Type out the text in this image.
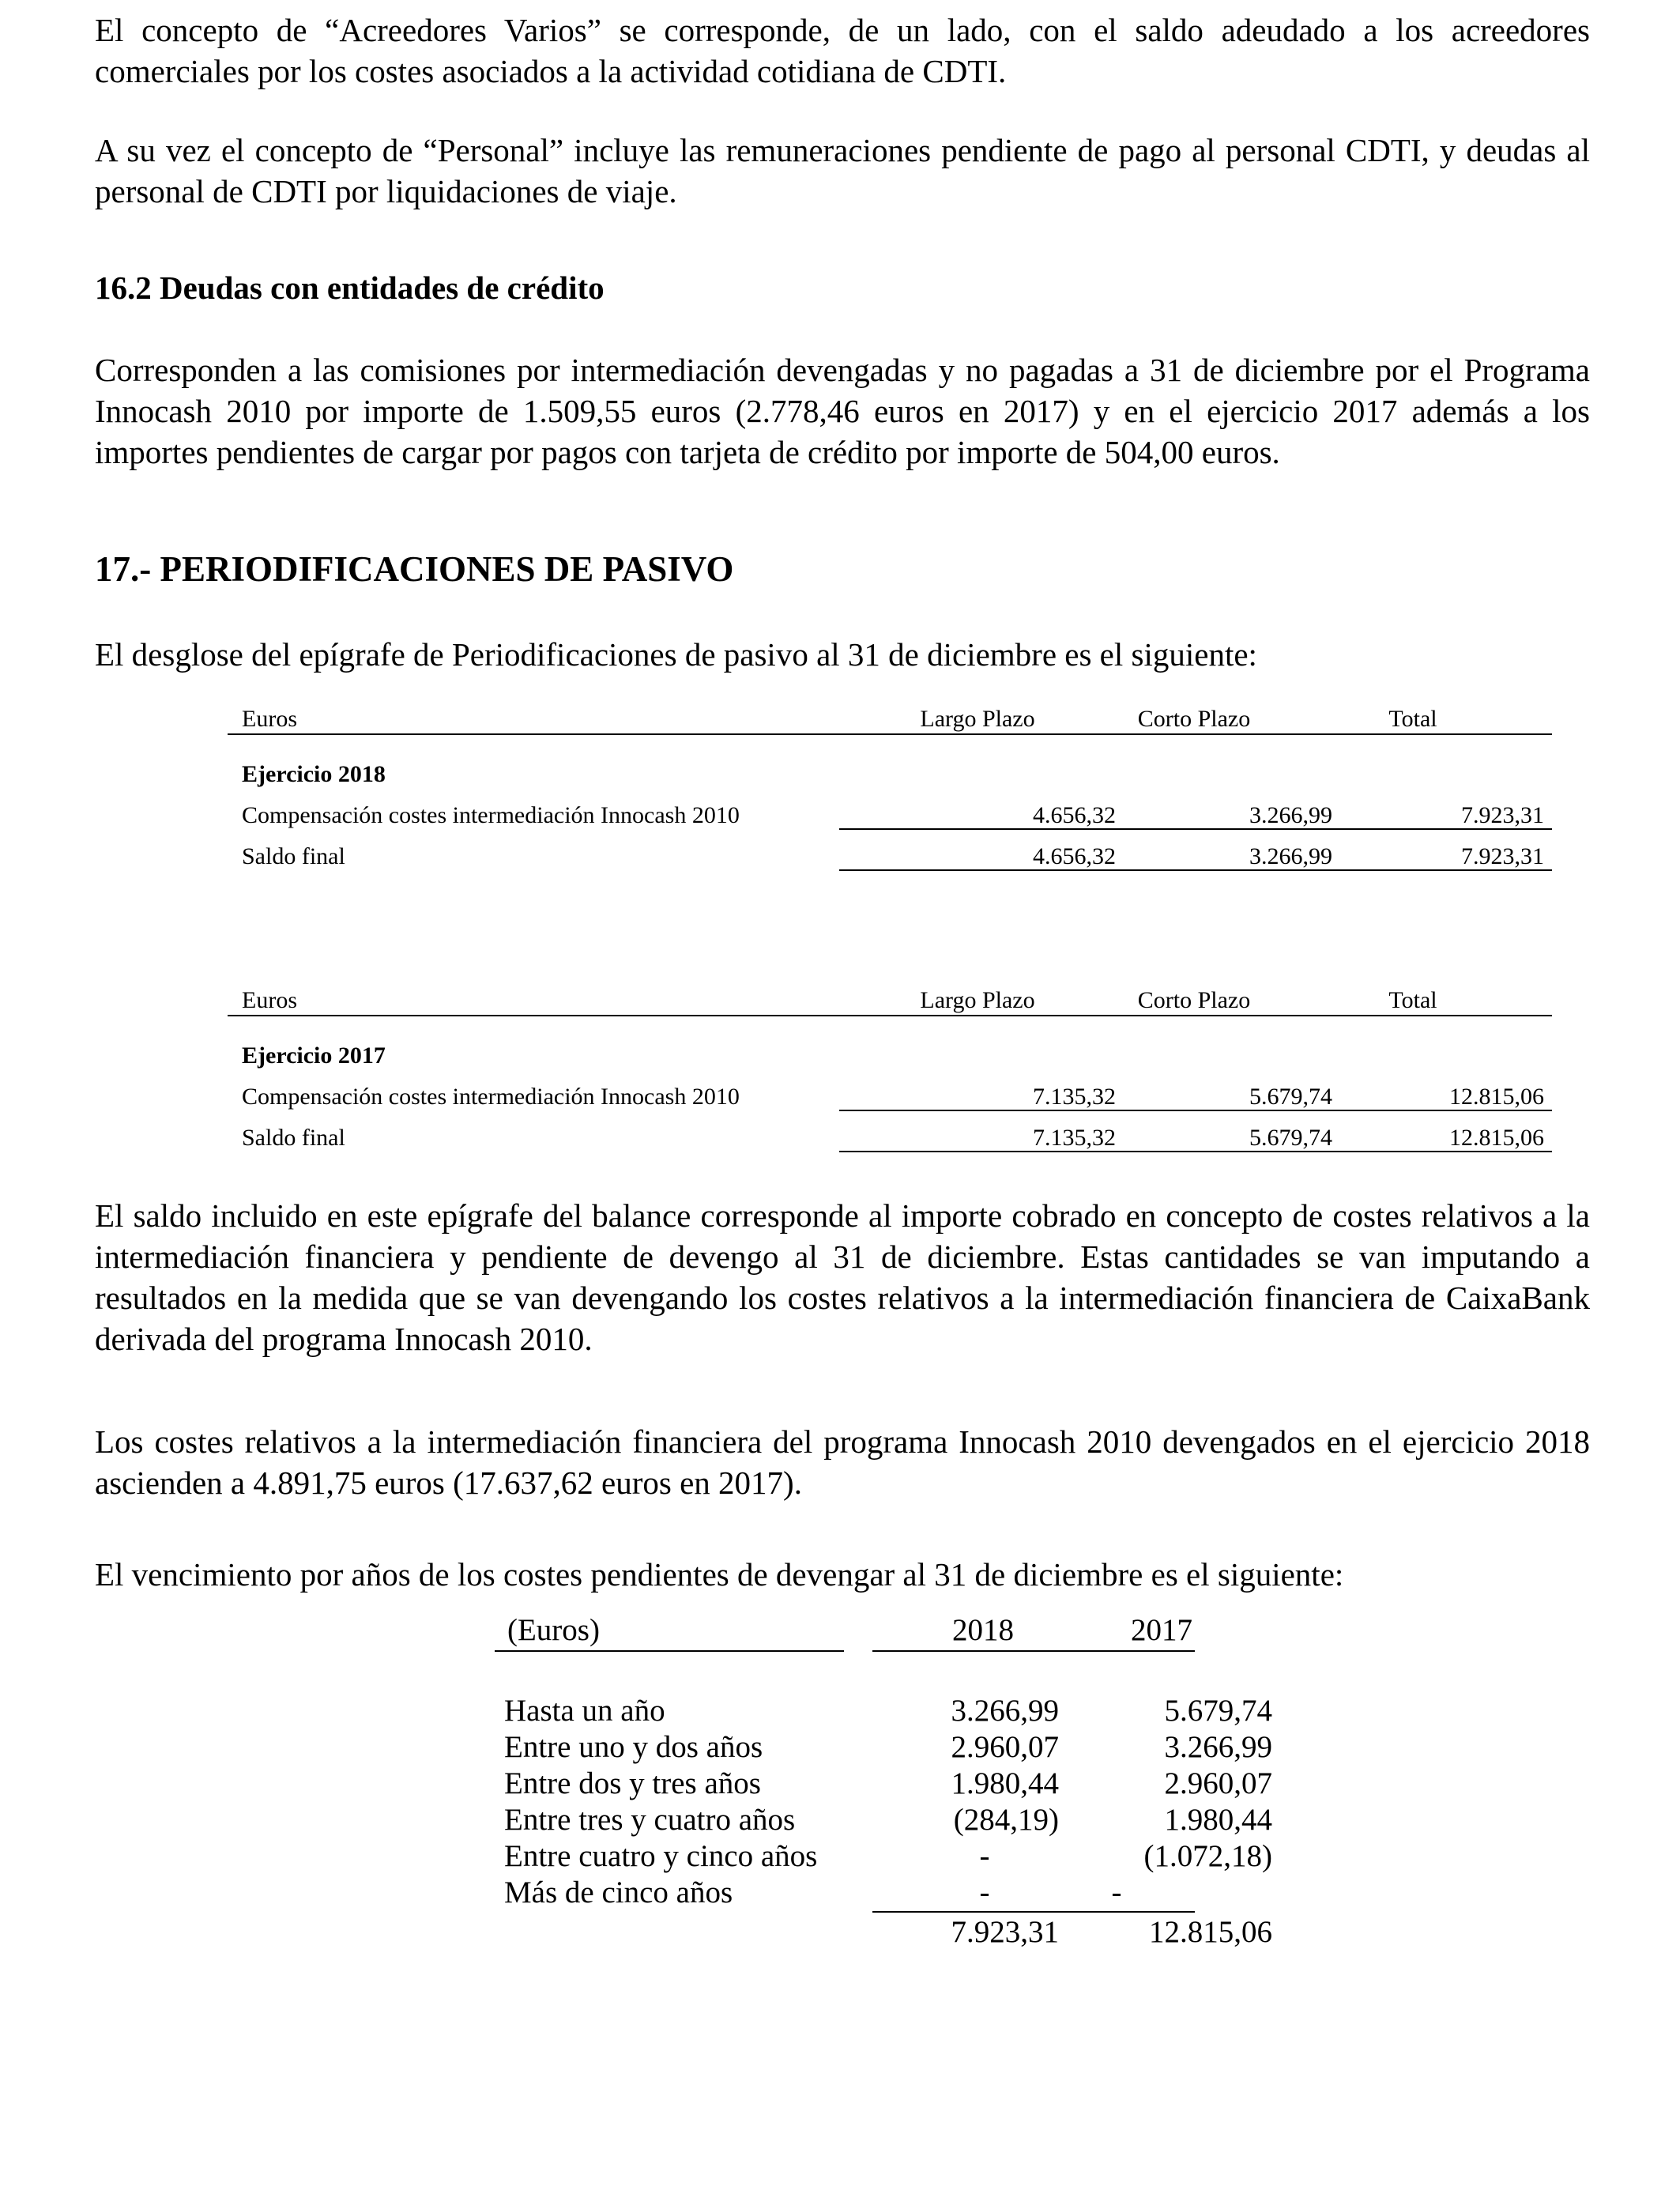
El concepto de “Acreedores Varios” se corresponde, de un lado, con el saldo adeudado a los acreedores comerciales por los costes asociados a la actividad cotidiana de CDTI.

A su vez el concepto de “Personal” incluye las remuneraciones pendiente de pago al personal CDTI, y deudas al personal de CDTI por liquidaciones de viaje.

16.2 Deudas con entidades de crédito

Corresponden a las comisiones por intermediación devengadas y no pagadas a 31 de diciembre por el Programa Innocash 2010 por importe de 1.509,55 euros (2.778,46 euros en 2017) y en el ejercicio 2017 además a los importes pendientes de cargar por pagos con tarjeta de crédito por importe de 504,00 euros.

17.- PERIODIFICACIONES DE PASIVO

El desglose del epígrafe de Periodificaciones de pasivo al 31 de diciembre es el siguiente:

Euros	Largo Plazo	Corto Plazo	Total
Ejercicio 2018
Compensación costes intermediación Innocash 2010	4.656,32	3.266,99	7.923,31
Saldo final	4.656,32	3.266,99	7.923,31
Euros	Largo Plazo	Corto Plazo	Total
Ejercicio 2017
Compensación costes intermediación Innocash 2010	7.135,32	5.679,74	12.815,06
Saldo final	7.135,32	5.679,74	12.815,06

El saldo incluido en este epígrafe del balance corresponde al importe cobrado en concepto de costes relativos a la intermediación financiera y pendiente de devengo al 31 de diciembre. Estas cantidades se van imputando a resultados en la medida que se van devengando los costes relativos a la intermediación financiera de CaixaBank derivada del programa Innocash 2010.

Los costes relativos a la intermediación financiera del programa Innocash 2010 devengados en el ejercicio 2018 ascienden a 4.891,75 euros (17.637,62 euros en 2017).

El vencimiento por años de los costes pendientes de devengar al 31 de diciembre es el siguiente:

(Euros)	2018	2017
Hasta un año	3.266,99	5.679,74
Entre uno y dos años	2.960,07	3.266,99
Entre dos y tres años	1.980,44	2.960,07
Entre tres y cuatro años	(284,19)	1.980,44
Entre cuatro y cinco años	-	(1.072,18)
Más de cinco años	-	-
7.923,31	12.815,06
